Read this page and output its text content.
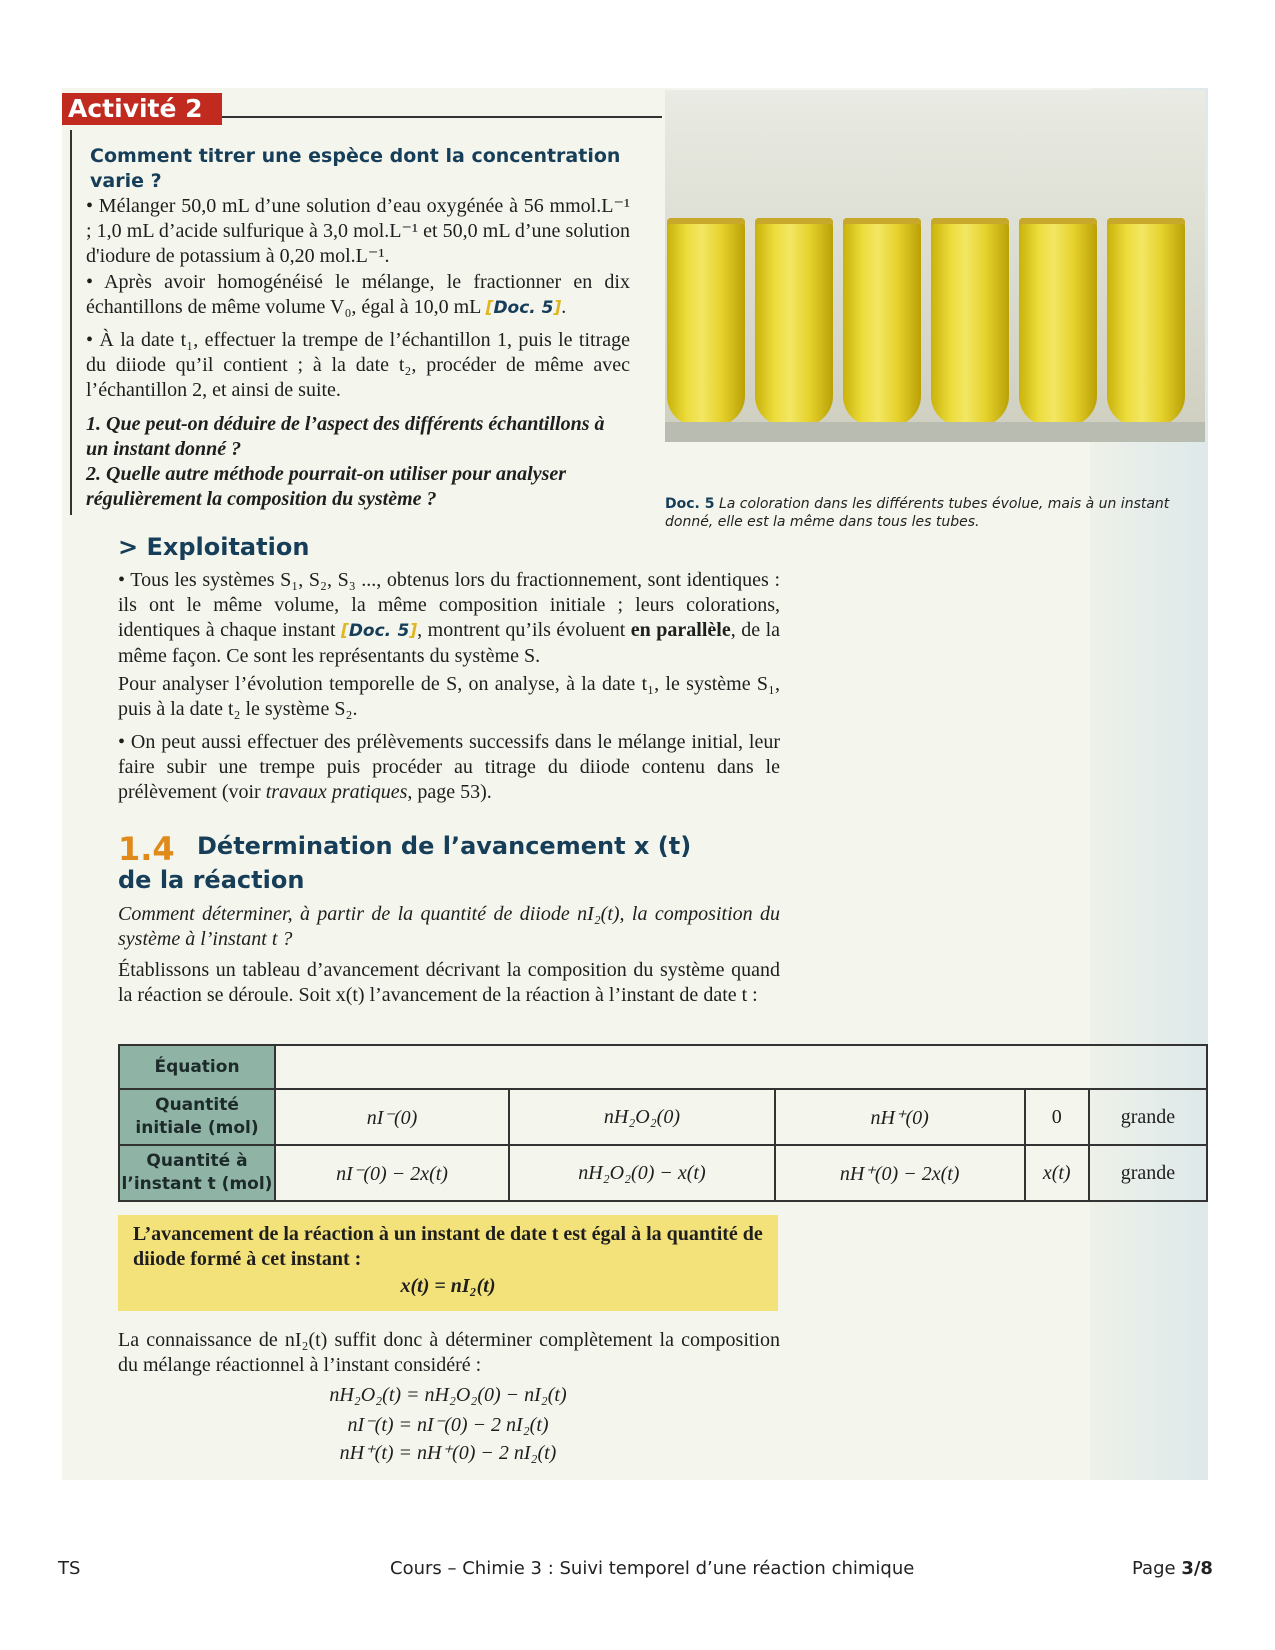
Activité 2
Comment titrer une espèce dont la concentration varie ?
• Mélanger 50,0 mL d’une solution d’eau oxygénée à 56 mmol.L⁻¹ ; 1,0 mL d’acide sulfurique à 3,0 mol.L⁻¹ et 50,0 mL d’une solution d'iodure de potassium à 0,20 mol.L⁻¹.
• Après avoir homogénéisé le mélange, le fractionner en dix échantillons de même volume V₀, égal à 10,0 mL [Doc. 5].
• À la date t₁, effectuer la trempe de l’échantillon 1, puis le titrage du diiode qu’il contient ; à la date t₂, procéder de même avec l’échantillon 2, et ainsi de suite.
1. Que peut-on déduire de l’aspect des différents échantillons à un instant donné ?
2. Quelle autre méthode pourrait-on utiliser pour analyser régulièrement la composition du système ?	Doc. 5 La coloration dans les différents tubes évolue, mais à un instant donné, elle est la même dans tous les tubes.
> Exploitation
• Tous les systèmes S₁, S₂, S₃ ..., obtenus lors du fractionnement, sont identiques : ils ont le même volume, la même composition initiale ; leurs colorations, identiques à chaque instant [Doc. 5], montrent qu’ils évoluent en parallèle, de la même façon. Ce sont les représentants du système S.
Pour analyser l’évolution temporelle de S, on analyse, à la date t₁, le système S₁, puis à la date t₂ le système S₂.
• On peut aussi effectuer des prélèvements successifs dans le mélange initial, leur faire subir une trempe puis procéder au titrage du diiode contenu dans le prélèvement (voir travaux pratiques, page 53).
1.4 Détermination de l’avancement x (t)
de la réaction
Comment déterminer, à partir de la quantité de diiode nI₂(t), la composition du système à l’instant t ?
Établissons un tableau d’avancement décrivant la composition du système quand la réaction se déroule. Soit x(t) l’avancement de la réaction à l’instant de date t :
Équation					
Quantité initiale (mol)	nI⁻(0)	nH₂O₂(0)	nH⁺(0)	0	grande
Quantité à l’instant t (mol)	nI⁻(0) − 2x(t)	nH₂O₂(0) − x(t)	nH⁺(0) − 2x(t)	x(t)	grande
L’avancement de la réaction à un instant de date t est égal à la quantité de diiode formé à cet instant :
x(t) = nI₂(t)
La connaissance de nI₂(t) suffit donc à déterminer complètement la composition du mélange réactionnel à l’instant considéré :
nH₂O₂(t) = nH₂O₂(0) − nI₂(t)
nI⁻(t) = nI⁻(0) − 2 nI₂(t)
nH⁺(t) = nH⁺(0) − 2 nI₂(t)
TS	Cours – Chimie 3 : Suivi temporel d’une réaction chimique	Page 3/8
